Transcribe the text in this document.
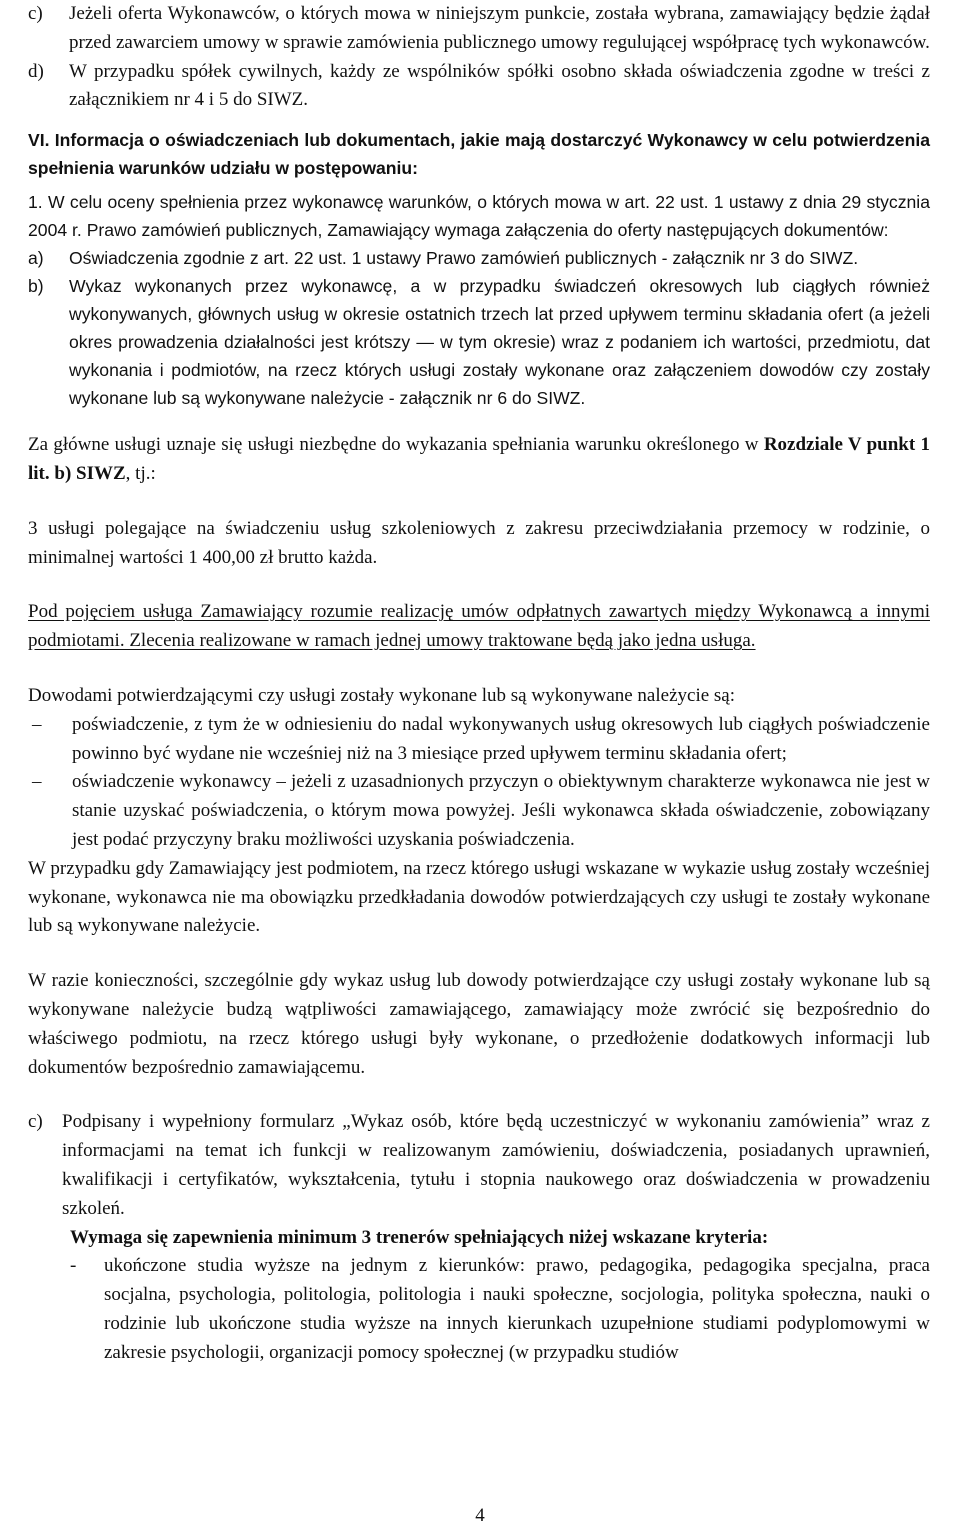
c) Jeżeli oferta Wykonawców, o których mowa w niniejszym punkcie, została wybrana, zamawiający będzie żądał przed zawarciem umowy w sprawie zamówienia publicznego umowy regulującej współpracę tych wykonawców.
d) W przypadku spółek cywilnych, każdy ze wspólników spółki osobno składa oświadczenia zgodne w treści z załącznikiem nr 4 i 5 do SIWZ.

VI. Informacja o oświadczeniach lub dokumentach, jakie mają dostarczyć Wykonawcy w celu potwierdzenia spełnienia warunków udziału w postępowaniu:

1. W celu oceny spełnienia przez wykonawcę warunków, o których mowa w art. 22 ust. 1 ustawy z dnia 29 stycznia 2004 r. Prawo zamówień publicznych, Zamawiający wymaga załączenia do oferty następujących dokumentów:
a) Oświadczenia zgodnie z art. 22 ust. 1 ustawy Prawo zamówień publicznych - załącznik nr 3 do SIWZ.
b) Wykaz wykonanych przez wykonawcę, a w przypadku świadczeń okresowych lub ciągłych również wykonywanych, głównych usług w okresie ostatnich trzech lat przed upływem terminu składania ofert (a jeżeli okres prowadzenia działalności jest krótszy — w tym okresie) wraz z podaniem ich wartości, przedmiotu, dat wykonania i podmiotów, na rzecz których usługi zostały wykonane oraz załączeniem dowodów czy zostały wykonane lub są wykonywane należycie - załącznik nr 6 do SIWZ.

Za główne usługi uznaje się usługi niezbędne do wykazania spełniania warunku określonego w Rozdziale V punkt 1 lit. b) SIWZ, tj.:

3 usługi polegające na świadczeniu usług szkoleniowych z zakresu przeciwdziałania przemocy w rodzinie, o minimalnej wartości 1 400,00 zł brutto każda.

Pod pojęciem usługa Zamawiający rozumie realizację umów odpłatnych zawartych między Wykonawcą a innymi podmiotami. Zlecenia realizowane w ramach jednej umowy traktowane będą jako jedna usługa.

Dowodami potwierdzającymi czy usługi zostały wykonane lub są wykonywane należycie są:

– poświadczenie, z tym że w odniesieniu do nadal wykonywanych usług okresowych lub ciągłych poświadczenie powinno być wydane nie wcześniej niż na 3 miesiące przed upływem terminu składania ofert;
– oświadczenie wykonawcy – jeżeli z uzasadnionych przyczyn o obiektywnym charakterze wykonawca nie jest w stanie uzyskać poświadczenia, o którym mowa powyżej. Jeśli wykonawca składa oświadczenie, zobowiązany jest podać przyczyny braku możliwości uzyskania poświadczenia.

W przypadku gdy Zamawiający jest podmiotem, na rzecz którego usługi wskazane w wykazie usług zostały wcześniej wykonane, wykonawca nie ma obowiązku przedkładania dowodów potwierdzających czy usługi te zostały wykonane lub są wykonywane należycie.

W razie konieczności, szczególnie gdy wykaz usług lub dowody potwierdzające czy usługi zostały wykonane lub są wykonywane należycie budzą wątpliwości zamawiającego, zamawiający może zwrócić się bezpośrednio do właściwego podmiotu, na rzecz którego usługi były wykonane, o przedłożenie dodatkowych informacji lub dokumentów bezpośrednio zamawiającemu.

c) Podpisany i wypełniony formularz „Wykaz osób, które będą uczestniczyć w wykonaniu zamówienia” wraz z informacjami na temat ich funkcji w realizowanym zamówieniu, doświadczenia, posiadanych uprawnień, kwalifikacji i certyfikatów, wykształcenia, tytułu i stopnia naukowego oraz doświadczenia w prowadzeniu szkoleń.

Wymaga się zapewnienia minimum 3 trenerów spełniających niżej wskazane kryteria:

- ukończone studia wyższe na jednym z kierunków: prawo, pedagogika, pedagogika specjalna, praca socjalna, psychologia, politologia, politologia i nauki społeczne, socjologia, polityka społeczna, nauki o rodzinie lub ukończone studia wyższe na innych kierunkach uzupełnione studiami podyplomowymi w zakresie psychologii, organizacji pomocy społecznej (w przypadku studiów
4
